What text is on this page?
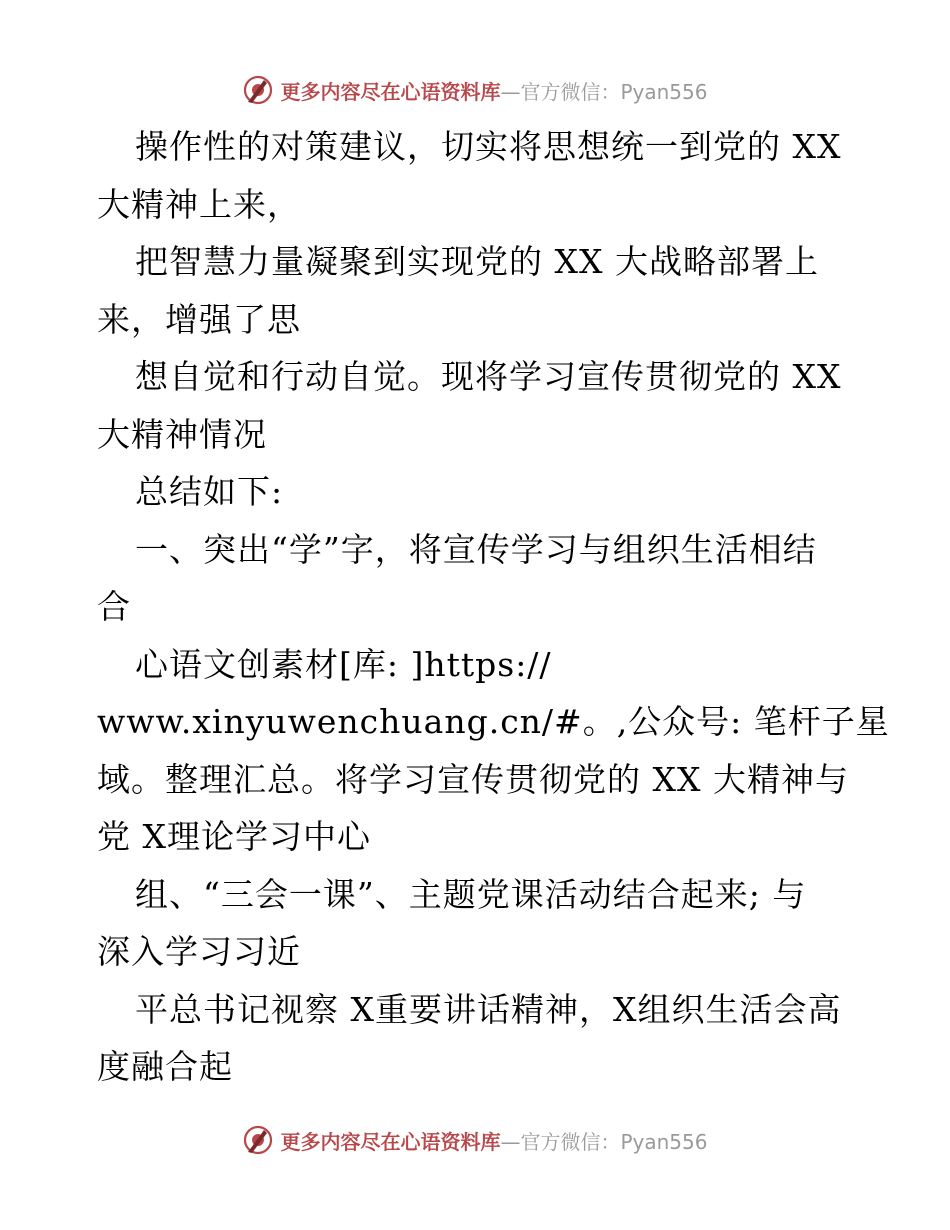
更多内容尽在心语资料库 — 官方微信：Pyan556
操作性的对策建议，切实将思想统一到党的 XX
大精神上来，
把智慧力量凝聚到实现党的 XX 大战略部署上
来，增强了思
想自觉和行动自觉。现将学习宣传贯彻党的 XX
大精神情况
总结如下:
一、突出“学”字，将宣传学习与组织生活相结
合
心语文创素材[库: ]https://
www.xinyuwenchuang.cn/#。,公众号: 笔杆子星
域。整理汇总。将学习宣传贯彻党的 XX 大精神与
党 X理论学习中心
组、“三会一课”、主题党课活动结合起来; 与
深入学习习近
平总书记视察 X重要讲话精神，X组织生活会高
度融合起
更多内容尽在心语资料库 — 官方微信：Pyan556
